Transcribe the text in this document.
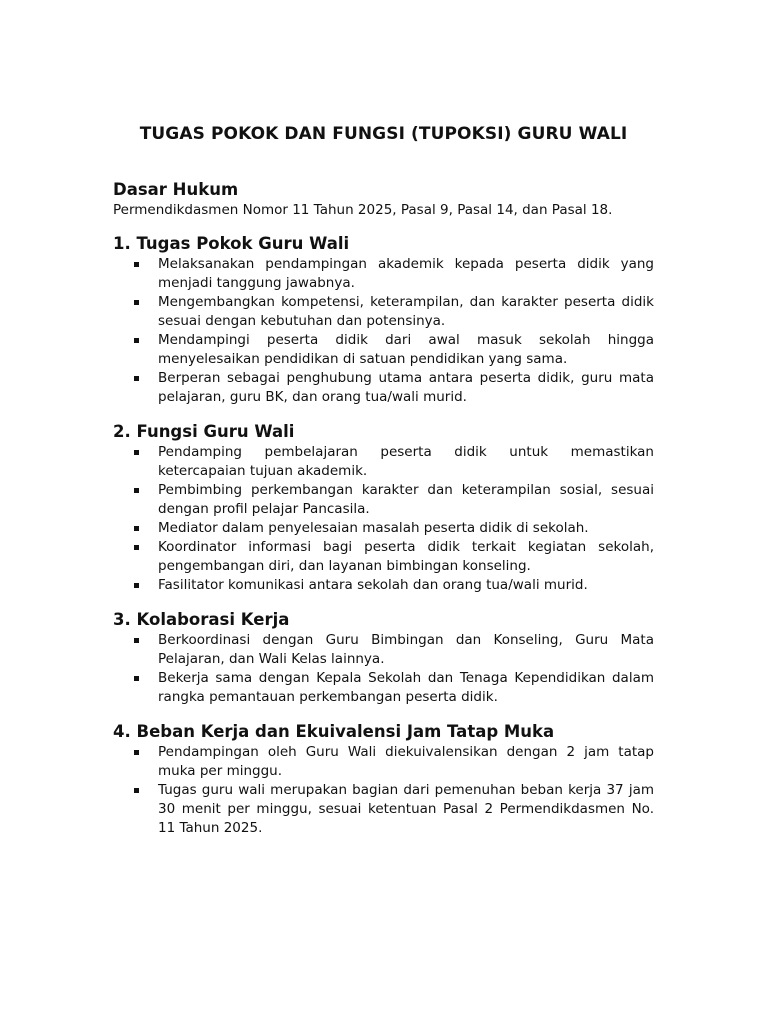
TUGAS POKOK DAN FUNGSI (TUPOKSI) GURU WALI
Dasar Hukum

Permendikdasmen Nomor 11 Tahun 2025, Pasal 9, Pasal 14, dan Pasal 18.

1. Tugas Pokok Guru Wali
Melaksanakan pendampingan akademik kepada peserta didik yang menjadi tanggung jawabnya.
Mengembangkan kompetensi, keterampilan, dan karakter peserta didik sesuai dengan kebutuhan dan potensinya.
Mendampingi peserta didik dari awal masuk sekolah hingga menyelesaikan pendidikan di satuan pendidikan yang sama.
Berperan sebagai penghubung utama antara peserta didik, guru mata pelajaran, guru BK, dan orang tua/wali murid.
2. Fungsi Guru Wali
Pendamping pembelajaran peserta didik untuk memastikan ketercapaian tujuan akademik.
Pembimbing perkembangan karakter dan keterampilan sosial, sesuai dengan profil pelajar Pancasila.
Mediator dalam penyelesaian masalah peserta didik di sekolah.
Koordinator informasi bagi peserta didik terkait kegiatan sekolah, pengembangan diri, dan layanan bimbingan konseling.
Fasilitator komunikasi antara sekolah dan orang tua/wali murid.
3. Kolaborasi Kerja
Berkoordinasi dengan Guru Bimbingan dan Konseling, Guru Mata Pelajaran, dan Wali Kelas lainnya.
Bekerja sama dengan Kepala Sekolah dan Tenaga Kependidikan dalam rangka pemantauan perkembangan peserta didik.
4. Beban Kerja dan Ekuivalensi Jam Tatap Muka
Pendampingan oleh Guru Wali diekuivalensikan dengan 2 jam tatap muka per minggu.
Tugas guru wali merupakan bagian dari pemenuhan beban kerja 37 jam 30 menit per minggu, sesuai ketentuan Pasal 2 Permendikdasmen No. 11 Tahun 2025.
